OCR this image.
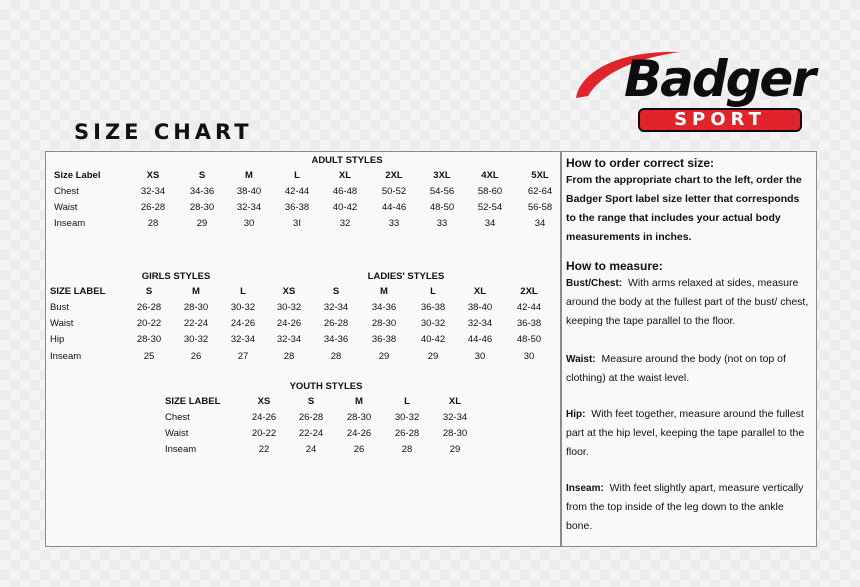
SIZE CHART
Badger
SPORT
ADULT STYLES
Size Label	XS	S	M	L	XL	2XL	3XL	4XL	5XL
Chest	32-34	34-36 38-40 42-44 46-48	50-52 54-56 58-60	62-64
Waist	26-28	28-30 32-34 36-38 40-42	44-46 48-50 52-54	56-58
Inseam	28	29	30	3I	32	33	33	34	34
GIRLS STYLES	LADIES' STYLES
SIZE LABEL	S	M	L	XS	S	M	L	XL	2XL
Bust	26-28 28-30 30-32 30-32 32-34 34-36	36-38 38-40	42-44
Waist	20-22 22-24 24-26 24-26 26-28 28-30	30-32 32-34	36-38
Hip	28-30 30-32 32-34 32-34 34-36 36-38	40-42 44-46	48-50
Inseam	25	26	27	28	28	29	29	30	30
YOUTH STYLES
SIZE LABEL	XS	S	M	L	XL
Chest	24-26 26-28 28-30 30-32 32-34
Waist	20-22 22-24 24-26 26-28 28-30
Inseam	22	24	26	28	29
How to order correct size:

From the appropriate chart to the left, order the Badger Sport label size letter that corresponds to the range that includes your actual body measurements in inches.

How to measure:

Bust/Chest: With arms relaxed at sides, measure around the body at the fullest part of the bust/ chest, keeping the tape parallel to the floor.

Waist: Measure around the body (not on top of clothing) at the waist level.

Hip: With feet together, measure around the fullest part at the hip level, keeping the tape parallel to the floor.

Inseam: With feet slightly apart, measure vertically from the top inside of the leg down to the ankle bone.
